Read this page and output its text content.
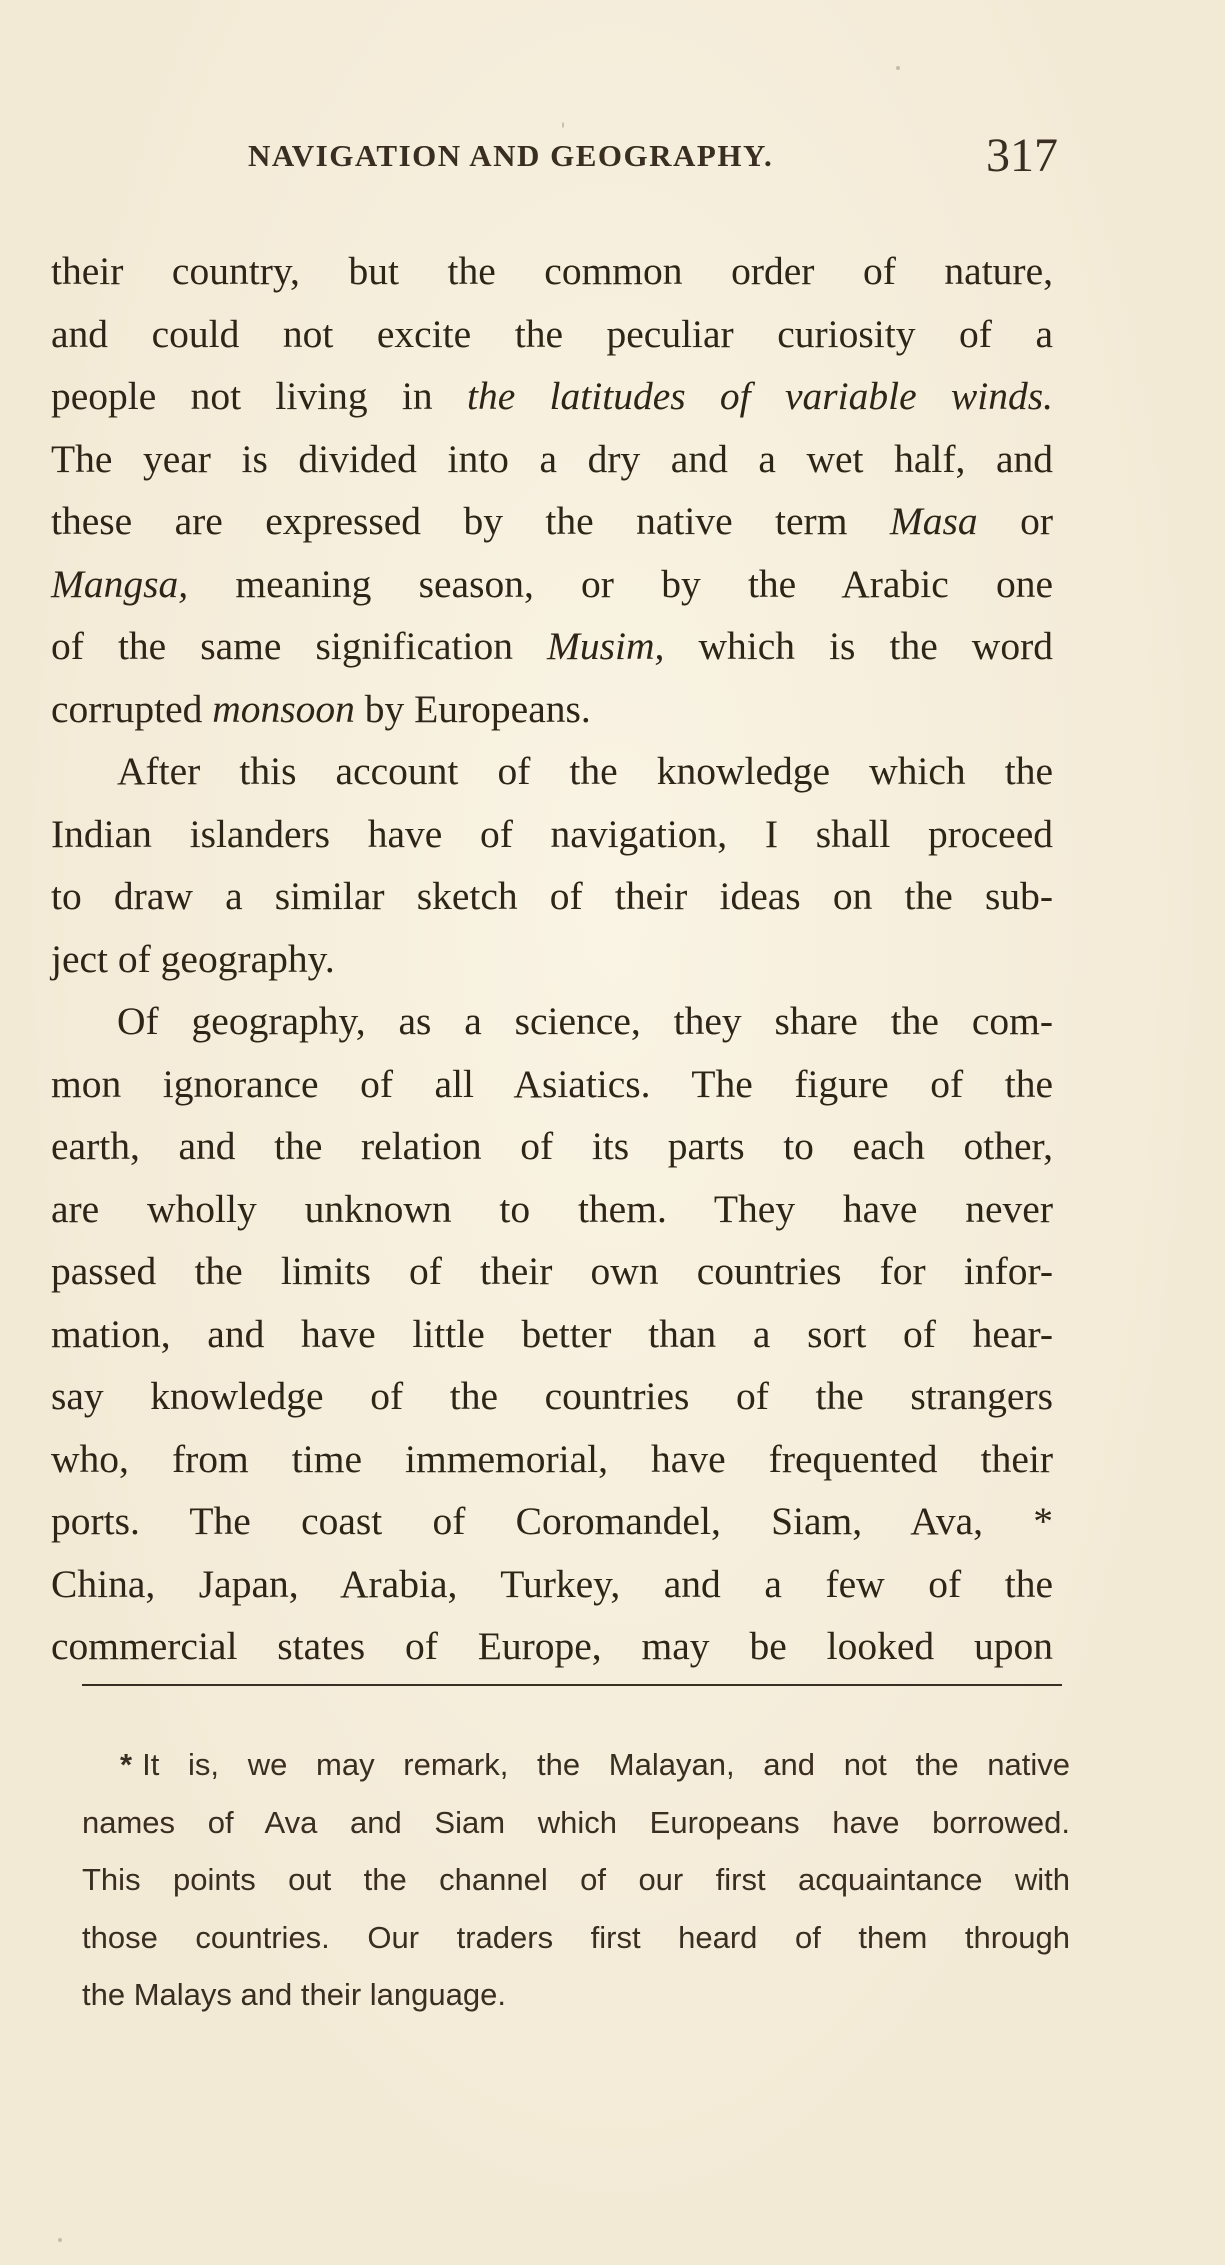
NAVIGATION AND GEOGRAPHY.	317
their country, but the common order of nature,
and could not excite the peculiar curiosity of a
people not living in the latitudes of variable winds.
The year is divided into a dry and a wet half, and
these are expressed by the native term Masa or
Mangsa, meaning season, or by the Arabic one
of the same signification Musim, which is the word
corrupted monsoon by Europeans.
After this account of the knowledge which the
Indian islanders have of navigation, I shall proceed
to draw a similar sketch of their ideas on the sub-
ject of geography.
Of geography, as a science, they share the com-
mon ignorance of all Asiatics. The figure of the
earth, and the relation of its parts to each other,
are wholly unknown to them. They have never
passed the limits of their own countries for infor-
mation, and have little better than a sort of hear-
say knowledge of the countries of the strangers
who, from time immemorial, have frequented their
ports. The coast of Coromandel, Siam, Ava, *
China, Japan, Arabia, Turkey, and a few of the
commercial states of Europe, may be looked upon
* It is, we may remark, the Malayan, and not the native
names of Ava and Siam which Europeans have borrowed.
This points out the channel of our first acquaintance with
those countries. Our traders first heard of them through
the Malays and their language.
